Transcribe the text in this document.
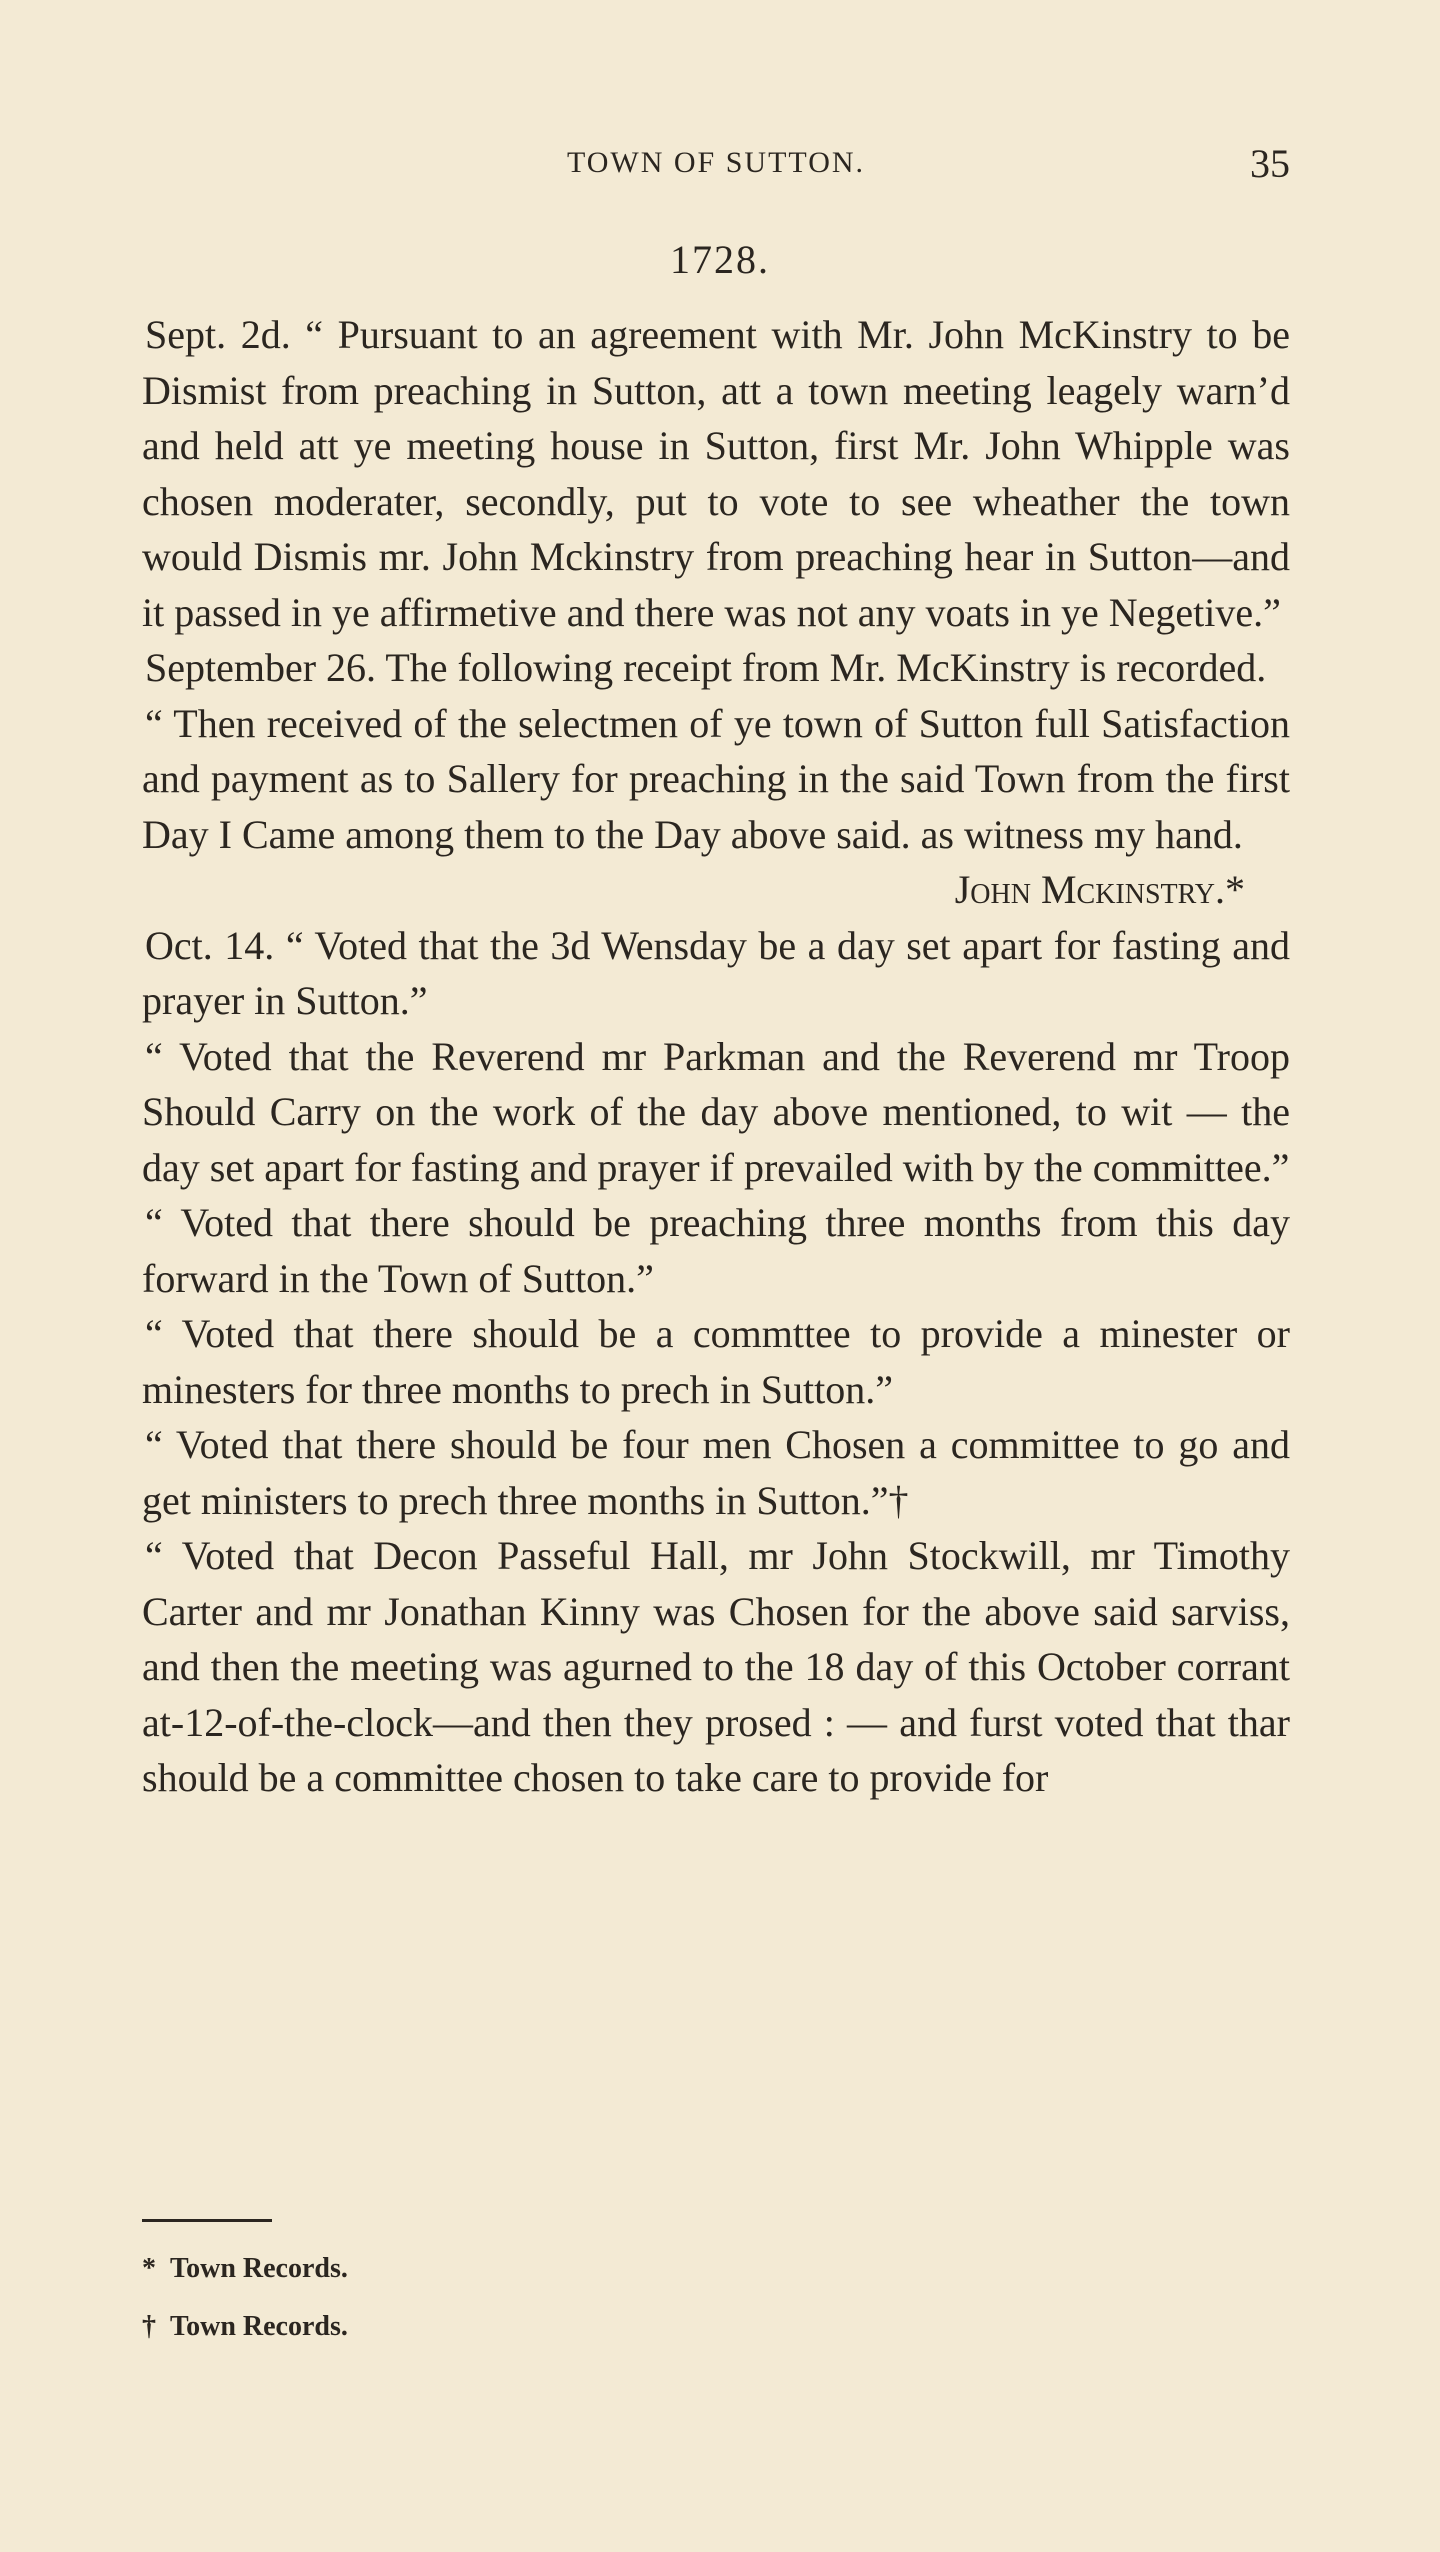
TOWN OF SUTTON.	35
1728.

Sept. 2d. “ Pursuant to an agreement with Mr. John McKinstry to be Dismist from preaching in Sutton, att a town meeting leagely warn’d and held att ye meeting house in Sutton, first Mr. John Whipple was chosen moderater, secondly, put to vote to see wheather the town would Dismis mr. John Mckinstry from preaching hear in Sutton—and it passed in ye affirmetive and there was not any voats in ye Negetive.”

September 26. The following receipt from Mr. McKinstry is recorded.

“ Then received of the selectmen of ye town of Sutton full Satisfaction and payment as to Sallery for preaching in the said Town from the first Day I Came among them to the Day above said. as witness my hand.

John Mckinstry.*

Oct. 14. “ Voted that the 3d Wensday be a day set apart for fasting and prayer in Sutton.”

“ Voted that the Reverend mr Parkman and the Reverend mr Troop Should Carry on the work of the day above mentioned, to wit — the day set apart for fasting and prayer if prevailed with by the committee.”

“ Voted that there should be preaching three months from this day forward in the Town of Sutton.”

“ Voted that there should be a commttee to provide a minester or minesters for three months to prech in Sutton.”

“ Voted that there should be four men Chosen a committee to go and get ministers to prech three months in Sutton.”†

“ Voted that Decon Passeful Hall, mr John Stockwill, mr Timothy Carter and mr Jonathan Kinny was Chosen for the above said sarviss, and then the meeting was agurned to the 18 day of this October corrant at-12-of-the-clock—and then they prosed : — and furst voted that thar should be a committee chosen to take care to provide for

* Town Records.
† Town Records.
